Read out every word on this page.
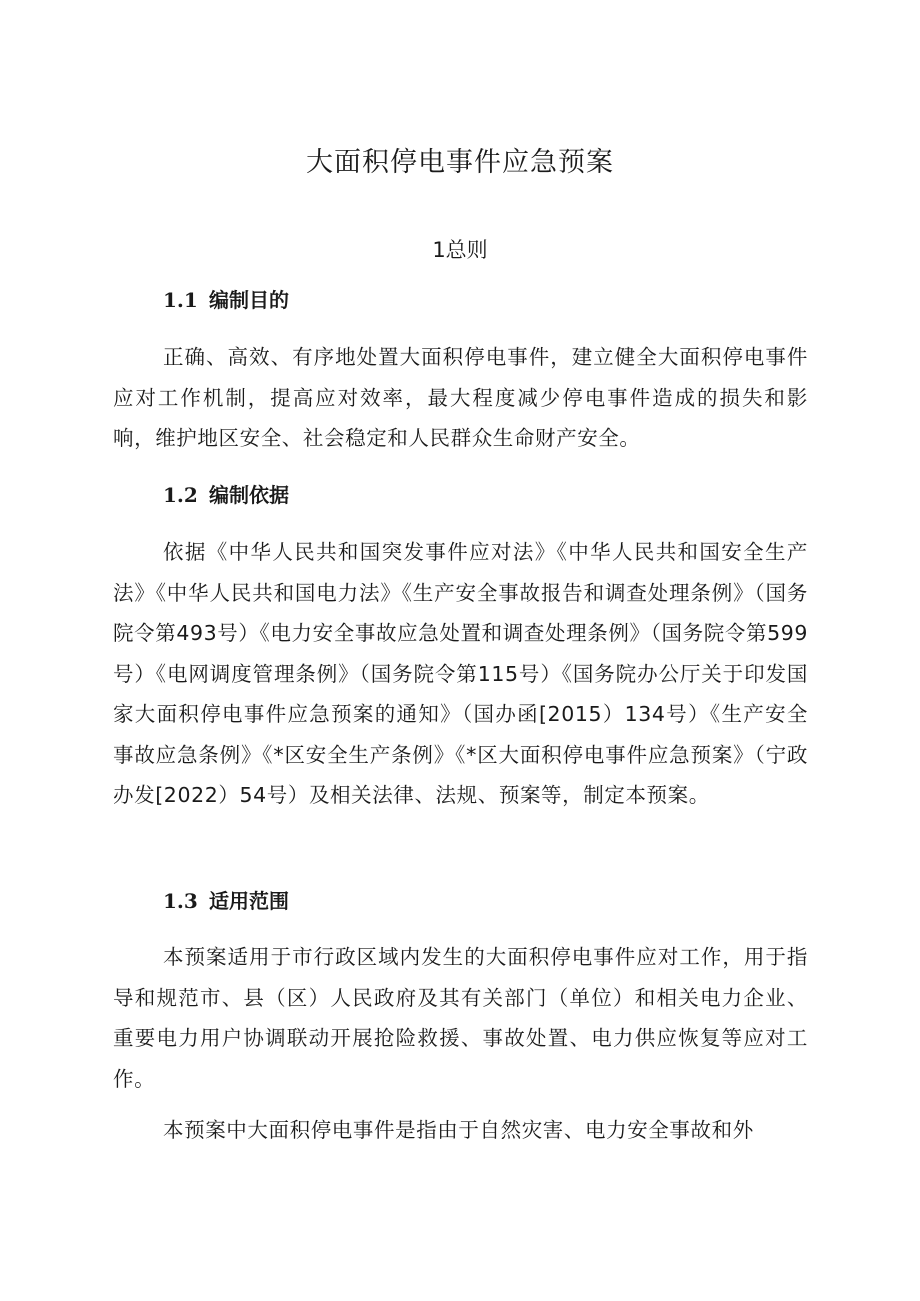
大面积停电事件应急预案
1总则
1.1 编制目的

正确、高效、有序地处置大面积停电事件，建立健全大面积停电事件应对工作机制，提高应对效率，最大程度减少停电事件造成的损失和影响，维护地区安全、社会稳定和人民群众生命财产安全。

1.2 编制依据

依据《中华人民共和国突发事件应对法》《中华人民共和国安全生产法》《中华人民共和国电力法》《生产安全事故报告和调查处理条例》（国务院令第493号）《电力安全事故应急处置和调查处理条例》（国务院令第599号）《电网调度管理条例》（国务院令第115号）《国务院办公厅关于印发国家大面积停电事件应急预案的通知》（国办函[2015）134号）《生产安全事故应急条例》《*区安全生产条例》《*区大面积停电事件应急预案》（宁政办发[2022）54号）及相关法律、法规、预案等，制定本预案。

1.3 适用范围

本预案适用于市行政区域内发生的大面积停电事件应对工作，用于指导和规范市、县（区）人民政府及其有关部门（单位）和相关电力企业、重要电力用户协调联动开展抢险救援、事故处置、电力供应恢复等应对工作。

本预案中大面积停电事件是指由于自然灾害、电力安全事故和外
